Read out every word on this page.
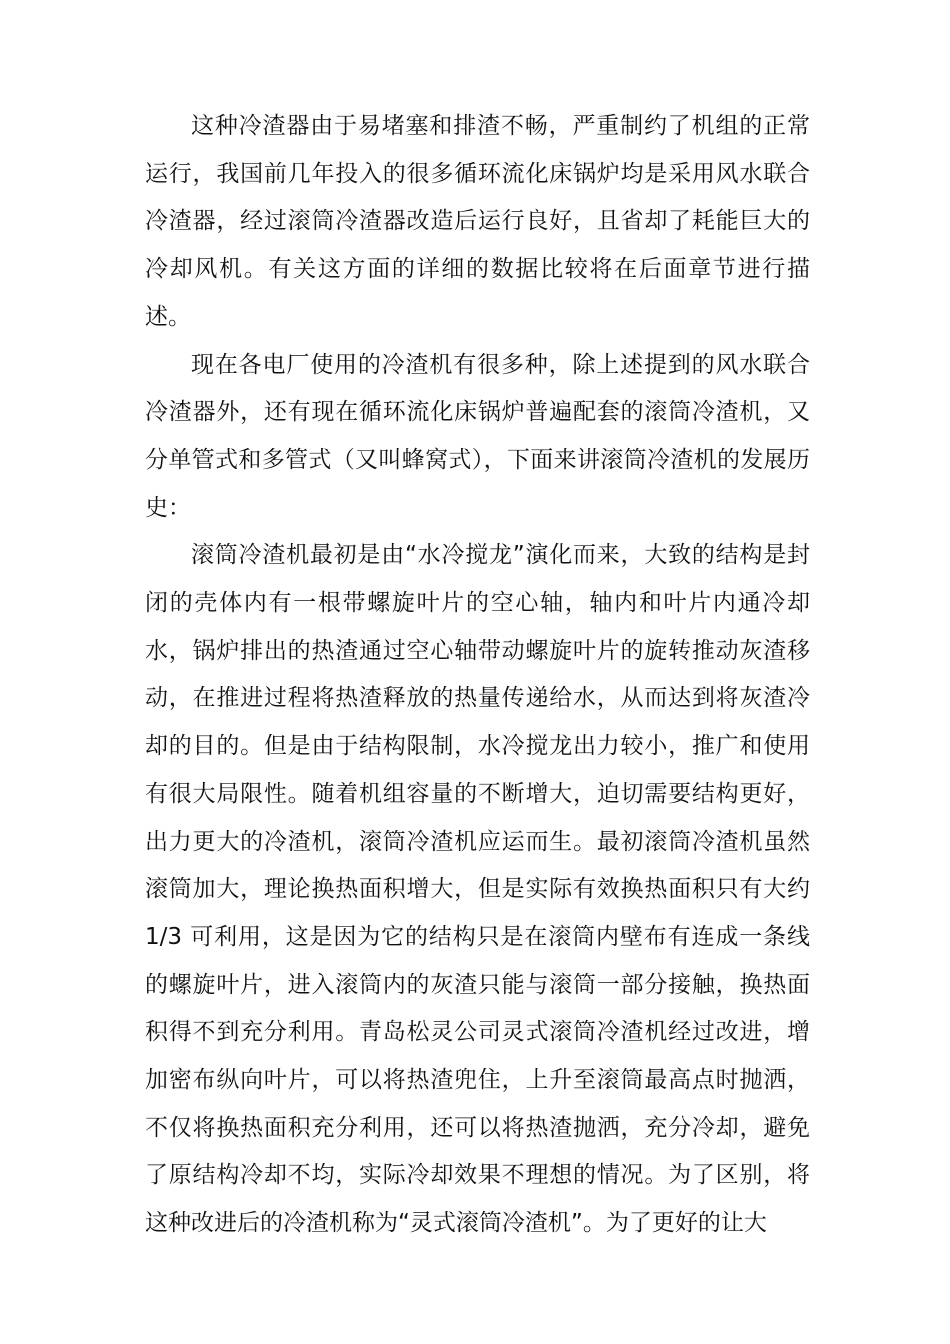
这种冷渣器由于易堵塞和排渣不畅，严重制约了机组的正常运行，我国前几年投入的很多循环流化床锅炉均是采用风水联合冷渣器，经过滚筒冷渣器改造后运行良好，且省却了耗能巨大的冷却风机。有关这方面的详细的数据比较将在后面章节进行描述。

现在各电厂使用的冷渣机有很多种，除上述提到的风水联合冷渣器外，还有现在循环流化床锅炉普遍配套的滚筒冷渣机，又分单管式和多管式（又叫蜂窝式），下面来讲滚筒冷渣机的发展历史：

滚筒冷渣机最初是由“水冷搅龙”演化而来，大致的结构是封闭的壳体内有一根带螺旋叶片的空心轴，轴内和叶片内通冷却水，锅炉排出的热渣通过空心轴带动螺旋叶片的旋转推动灰渣移动，在推进过程将热渣释放的热量传递给水，从而达到将灰渣冷却的目的。但是由于结构限制，水冷搅龙出力较小，推广和使用有很大局限性。随着机组容量的不断增大，迫切需要结构更好，出力更大的冷渣机，滚筒冷渣机应运而生。最初滚筒冷渣机虽然滚筒加大，理论换热面积增大，但是实际有效换热面积只有大约 1/3 可利用，这是因为它的结构只是在滚筒内壁布有连成一条线的螺旋叶片，进入滚筒内的灰渣只能与滚筒一部分接触，换热面积得不到充分利用。青岛松灵公司灵式滚筒冷渣机经过改进，增加密布纵向叶片，可以将热渣兜住，上升至滚筒最高点时抛洒，不仅将换热面积充分利用，还可以将热渣抛洒，充分冷却，避免了原结构冷却不均，实际冷却效果不理想的情况。为了区别，将这种改进后的冷渣机称为“灵式滚筒冷渣机”。为了更好的让大
